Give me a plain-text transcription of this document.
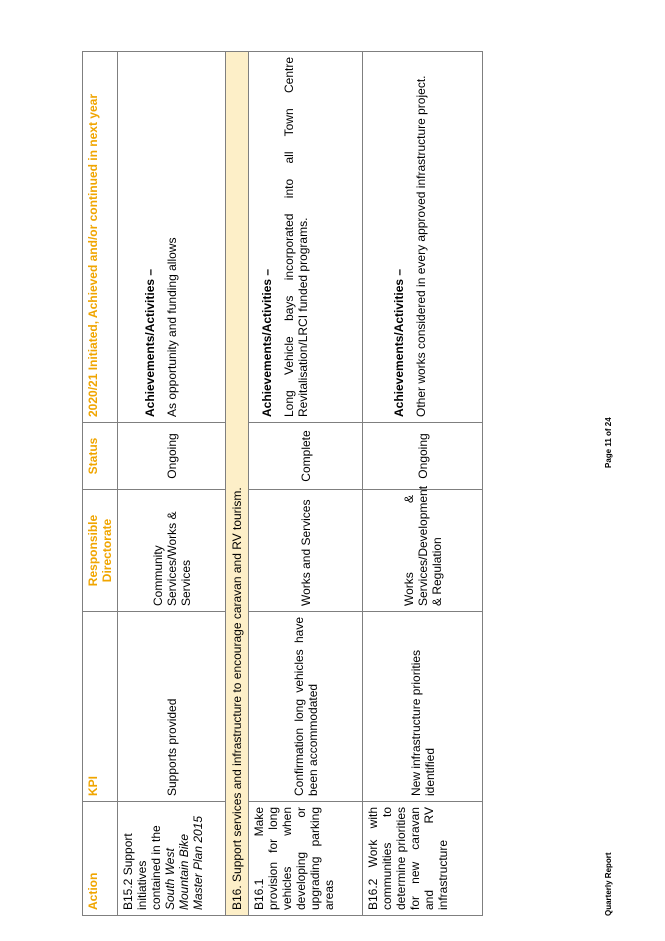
Action	KPI	Responsible Directorate	Status	2020/21 Initiated, Achieved and/or continued in next year
B15.2 Support initiatives contained in the South West Mountain Bike Master Plan 2015	Supports provided	Community Services/Works & Services	Ongoing	Achievements/Activities – As opportunity and funding allows

B16. Support services and infrastructure to encourage caravan and RV tourism.				
B16.1 Make provision for long vehicles when developing or upgrading parking areas	Confirmation long vehicles have been accommodated	Works and Services	Complete	Achievements/Activities – Long Vehicle bays incorporated into all Town Centre Revitalisation/LRCI funded programs.

B16.2 Work with communities to determine priorities for new caravan and RV infrastructure	New infrastructure priorities identified	Works & Services/Development & Regulation	Ongoing	Achievements/Activities – Other works considered in every approved infrastructure project.
Page 11 of 24
Quarterly Report
